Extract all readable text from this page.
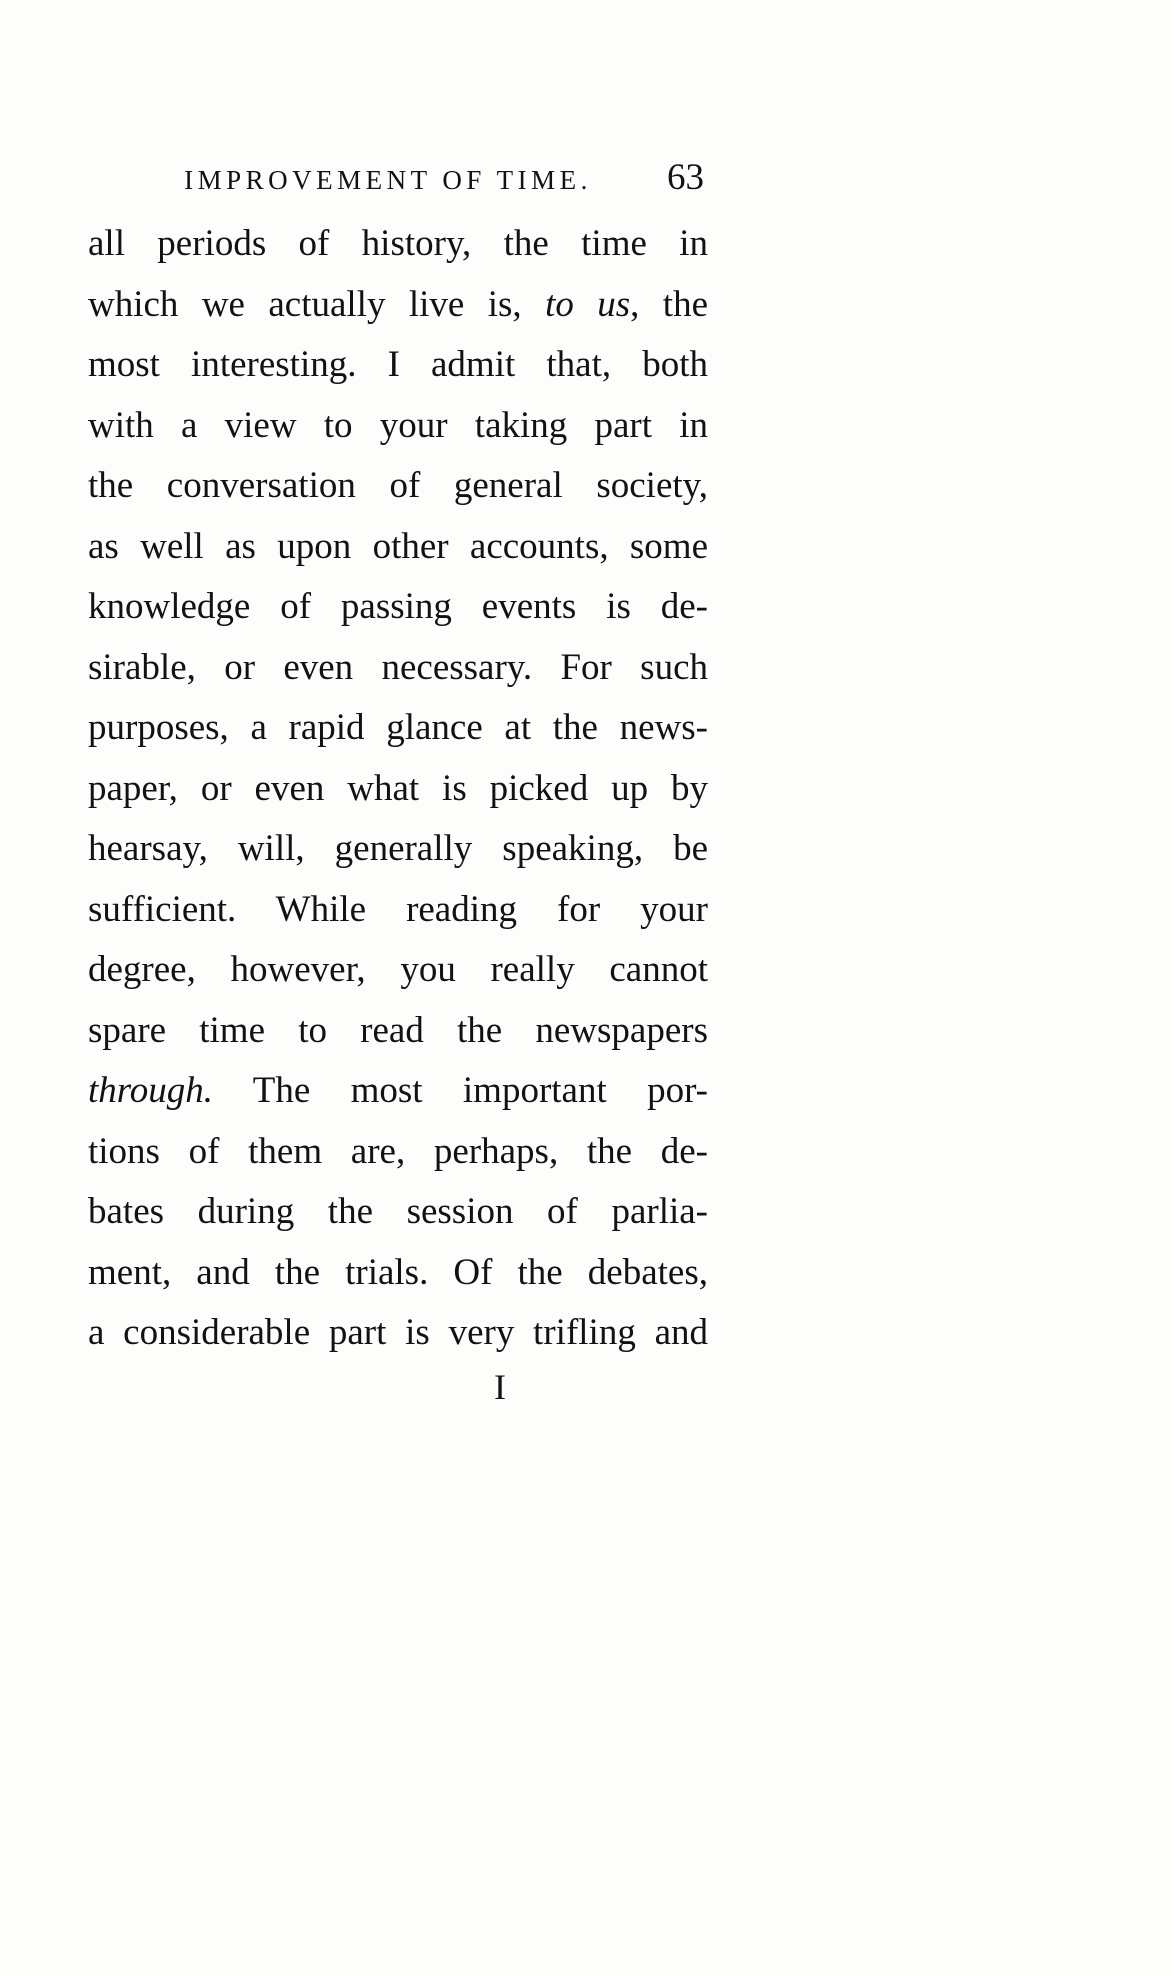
IMPROVEMENT OF TIME.	63
all periods of history, the time in
which we actually live is, to us, the
most interesting. I admit that, both
with a view to your taking part in
the conversation of general society,
as well as upon other accounts, some
knowledge of passing events is de-
sirable, or even necessary. For such
purposes, a rapid glance at the news-
paper, or even what is picked up by
hearsay, will, generally speaking, be
sufficient. While reading for your
degree, however, you really cannot
spare time to read the newspapers
through. The most important por-
tions of them are, perhaps, the de-
bates during the session of parlia-
ment, and the trials. Of the debates,
a considerable part is very trifling and
I
